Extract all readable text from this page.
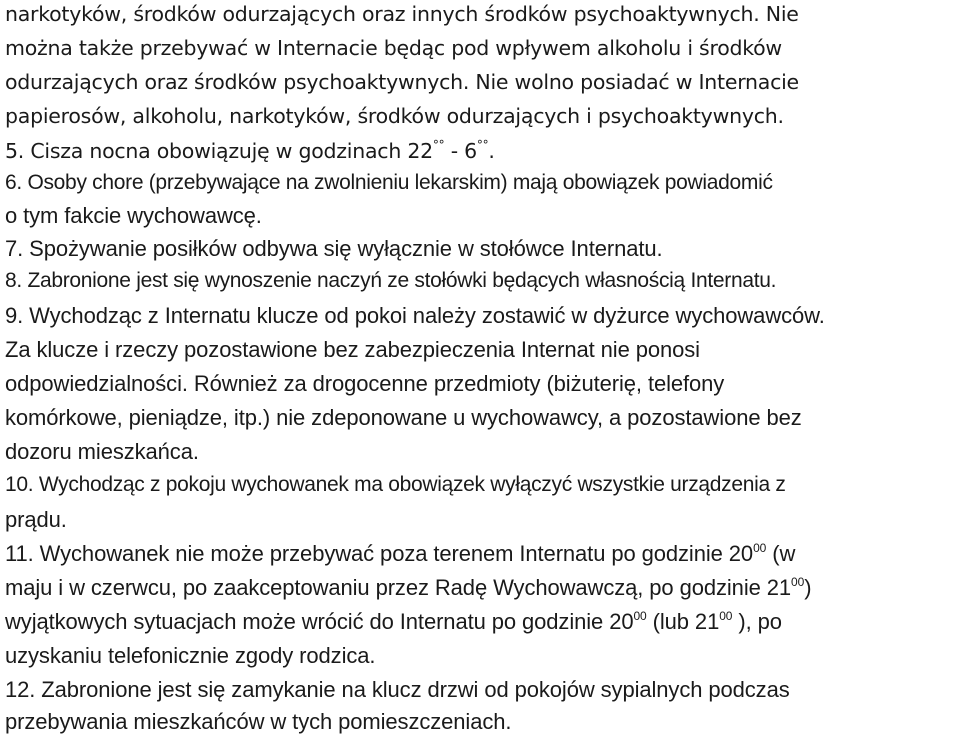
narkotyków, środków odurzających oraz innych środków psychoaktywnych. Nie
można także przebywać w Internacie będąc pod wpływem alkoholu i środków
odurzających oraz środków psychoaktywnych. Nie wolno posiadać w Internacie
papierosów, alkoholu, narkotyków, środków odurzających i psychoaktywnych.
5. Cisza nocna obowiązuję w godzinach 22°° - 6°°.
6. Osoby chore (przebywające na zwolnieniu lekarskim) mają obowiązek powiadomić
o tym fakcie wychowawcę.
7. Spożywanie posiłków odbywa się wyłącznie w stołówce Internatu.
8. Zabronione jest się wynoszenie naczyń ze stołówki będących własnością Internatu.
9. Wychodząc z Internatu klucze od pokoi należy zostawić w dyżurce wychowawców.
Za klucze i rzeczy pozostawione bez zabezpieczenia Internat nie ponosi
odpowiedzialności. Również za drogocenne przedmioty (biżuterię, telefony
komórkowe, pieniądze, itp.) nie zdeponowane u wychowawcy, a pozostawione bez
dozoru mieszkańca.
10. Wychodząc z pokoju wychowanek ma obowiązek wyłączyć wszystkie urządzenia z
prądu.
11. Wychowanek nie może przebywać poza terenem Internatu po godzinie $20^{00}$ (w
maju i w czerwcu, po zaakceptowaniu przez Radę Wychowawczą, po godzinie $21^{00}$)
wyjątkowych sytuacjach może wrócić do Internatu po godzinie $20^{00}$ (lub $21^{00}$ ), po
uzyskaniu telefonicznie zgody rodzica.
12. Zabronione jest się zamykanie na klucz drzwi od pokojów sypialnych podczas
przebywania mieszkańców w tych pomieszczeniach.
